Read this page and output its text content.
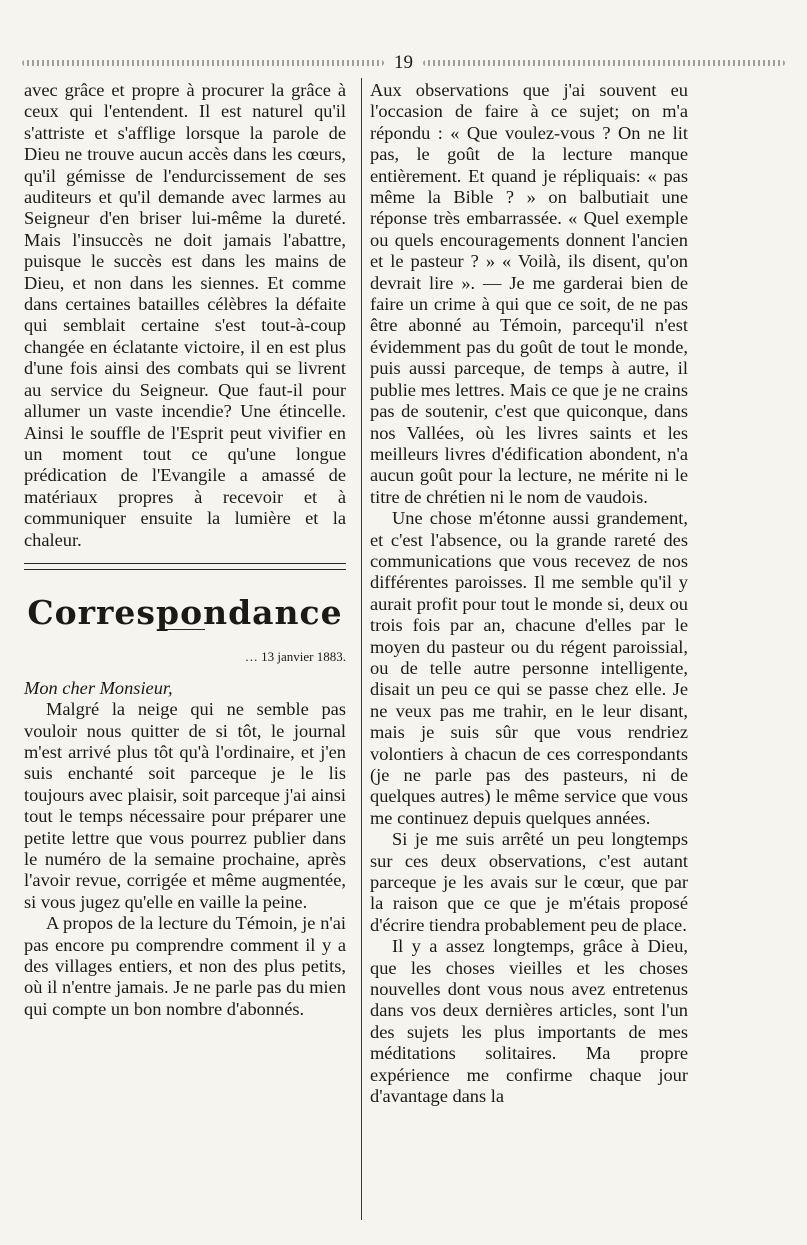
19

avec grâce et propre à procurer la grâce à ceux qui l'entendent. Il est naturel qu'il s'attriste et s'afflige lorsque la parole de Dieu ne trouve aucun accès dans les cœurs, qu'il gémisse de l'endurcissement de ses auditeurs et qu'il demande avec larmes au Seigneur d'en briser lui-même la dureté. Mais l'insuccès ne doit jamais l'abattre, puisque le succès est dans les mains de Dieu, et non dans les siennes. Et comme dans certaines batailles célèbres la défaite qui semblait certaine s'est tout-à-coup changée en éclatante victoire, il en est plus d'une fois ainsi des combats qui se livrent au service du Seigneur. Que faut-il pour allumer un vaste incendie? Une étincelle. Ainsi le souffle de l'Esprit peut vivifier en un moment tout ce qu'une longue prédication de l'Evangile a amassé de matériaux propres à recevoir et à communiquer ensuite la lumière et la chaleur.

Correspondance
… 13 janvier 1883.

Mon cher Monsieur,

Malgré la neige qui ne semble pas vouloir nous quitter de si tôt, le journal m'est arrivé plus tôt qu'à l'ordinaire, et j'en suis enchanté soit parceque je le lis toujours avec plaisir, soit parceque j'ai ainsi tout le temps nécessaire pour préparer une petite lettre que vous pourrez publier dans le numéro de la semaine prochaine, après l'avoir revue, corrigée et même augmentée, si vous jugez qu'elle en vaille la peine.

A propos de la lecture du Témoin, je n'ai pas encore pu comprendre comment il y a des villages entiers, et non des plus petits, où il n'entre jamais. Je ne parle pas du mien qui compte un bon nombre d'abonnés.

Aux observations que j'ai souvent eu l'occasion de faire à ce sujet; on m'a répondu : « Que voulez-vous ? On ne lit pas, le goût de la lecture manque entièrement. Et quand je répliquais: « pas même la Bible ? » on balbutiait une réponse très embarrassée. « Quel exemple ou quels encouragements donnent l'ancien et le pasteur ? » « Voilà, ils disent, qu'on devrait lire ». — Je me garderai bien de faire un crime à qui que ce soit, de ne pas être abonné au Témoin, parcequ'il n'est évidemment pas du goût de tout le monde, puis aussi parceque, de temps à autre, il publie mes lettres. Mais ce que je ne crains pas de soutenir, c'est que quiconque, dans nos Vallées, où les livres saints et les meilleurs livres d'édification abondent, n'a aucun goût pour la lecture, ne mérite ni le titre de chrétien ni le nom de vaudois.

Une chose m'étonne aussi grandement, et c'est l'absence, ou la grande rareté des communications que vous recevez de nos différentes paroisses. Il me semble qu'il y aurait profit pour tout le monde si, deux ou trois fois par an, chacune d'elles par le moyen du pasteur ou du régent paroissial, ou de telle autre personne intelligente, disait un peu ce qui se passe chez elle. Je ne veux pas me trahir, en le leur disant, mais je suis sûr que vous rendriez volontiers à chacun de ces correspondants (je ne parle pas des pasteurs, ni de quelques autres) le même service que vous me continuez depuis quelques années.

Si je me suis arrêté un peu longtemps sur ces deux observations, c'est autant parceque je les avais sur le cœur, que par la raison que ce que je m'étais proposé d'écrire tiendra probablement peu de place.

Il y a assez longtemps, grâce à Dieu, que les choses vieilles et les choses nouvelles dont vous nous avez entretenus dans vos deux dernières articles, sont l'un des sujets les plus importants de mes méditations solitaires. Ma propre expérience me confirme chaque jour d'avantage dans la
